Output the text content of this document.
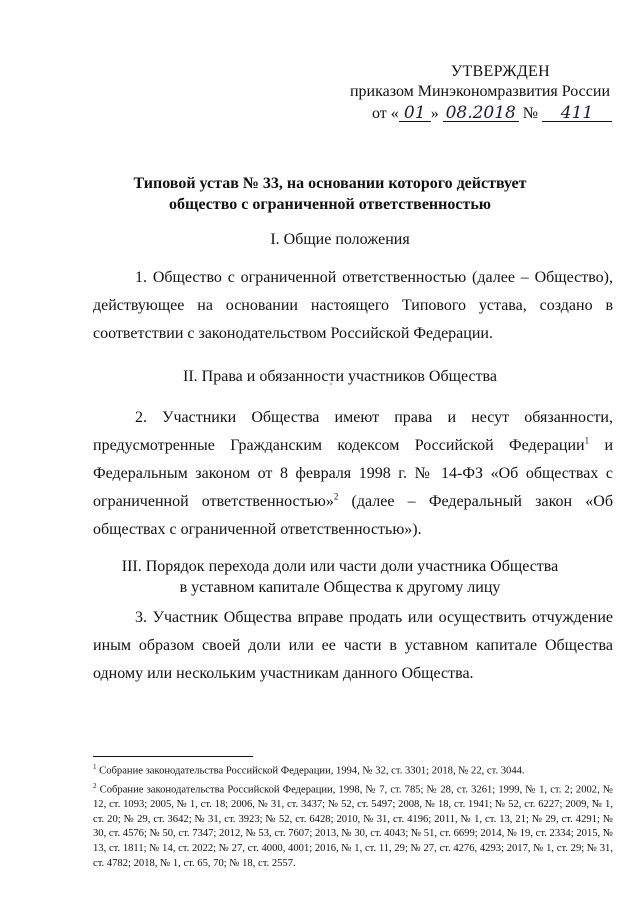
УТВЕРЖДЕН
приказом Минэкономразвития России
от « 01 »
08.2018
№
	411
Типовой устав № 33, на основании которого действует
общество с ограниченной ответственностью
I. Общие положения
1. Общество с ограниченной ответственностью (далее – Общество), действующее на основании настоящего Типового устава, создано в соответствии с законодательством Российской Федерации.
II. Права и обязанности участников Общества
2. Участники Общества имеют права и несут обязанности, предусмотренные Гражданским кодексом Российской Федерации$^1$ и Федеральным законом от 8 февраля 1998 г. № 14-ФЗ «Об обществах с ограниченной ответственностью»$^2$ (далее – Федеральный закон «Об обществах с ограниченной ответственностью»).
III. Порядок перехода доли или части доли участника Общества
в уставном капитале Общества к другому лицу
3. Участник Общества вправе продать или осуществить отчуждение иным образом своей доли или ее части в уставном капитале Общества одному или нескольким участникам данного Общества.

$^1$ Собрание законодательства Российской Федерации, 1994, № 32, ст. 3301; 2018, № 22, ст. 3044.

$^2$ Собрание законодательства Российской Федерации, 1998, № 7, ст. 785; № 28, ст. 3261; 1999, № 1, ст. 2; 2002, № 12, ст. 1093; 2005, № 1, ст. 18; 2006, № 31, ст. 3437; № 52, ст. 5497; 2008, № 18, ст. 1941; № 52, ст. 6227; 2009, № 1, ст. 20; № 29, ст. 3642; № 31, ст. 3923; № 52, ст. 6428; 2010, № 31, ст. 4196; 2011, № 1, ст. 13, 21; № 29, ст. 4291; № 30, ст. 4576; № 50, ст. 7347; 2012, № 53, ст. 7607; 2013, № 30, ст. 4043; № 51, ст. 6699; 2014, № 19, ст. 2334; 2015, № 13, ст. 1811; № 14, ст. 2022; № 27, ст. 4000, 4001; 2016, № 1, ст. 11, 29; № 27, ст. 4276, 4293; 2017, № 1, ст. 29; № 31, ст. 4782; 2018, № 1, ст. 65, 70; № 18, ст. 2557.
